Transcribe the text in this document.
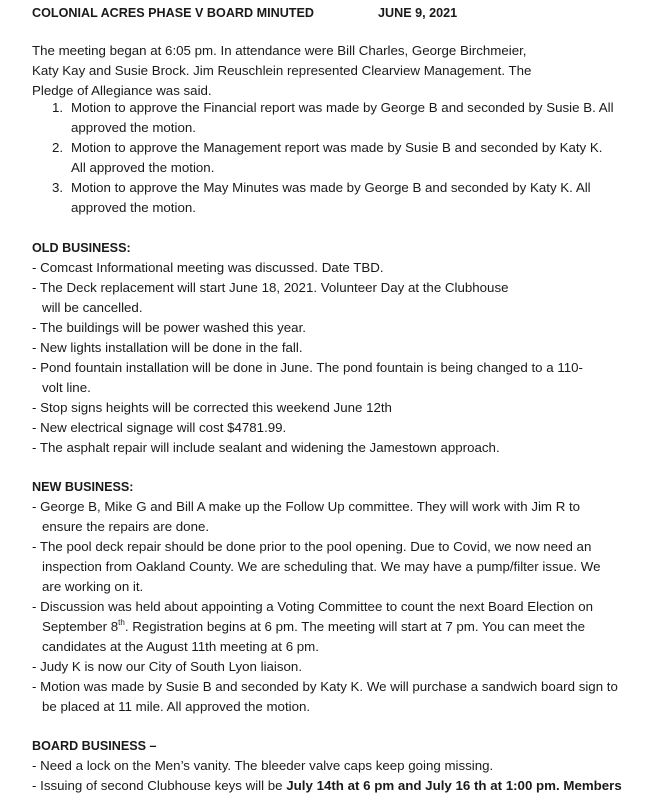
COLONIAL ACRES PHASE V BOARD MINUTED	JUNE 9, 2021
The meeting began at 6:05 pm. In attendance were Bill Charles, George Birchmeier,
Katy Kay and Susie Brock. Jim Reuschlein represented Clearview Management. The
Pledge of Allegiance was said.
1. Motion to approve the Financial report was made by George B and seconded by Susie B. All
approved the motion.
2. Motion to approve the Management report was made by Susie B and seconded by Katy K.
All approved the motion.
3. Motion to approve the May Minutes was made by George B and seconded by Katy K. All
approved the motion.
OLD BUSINESS:
- Comcast Informational meeting was discussed. Date TBD.
- The Deck replacement will start June 18, 2021. Volunteer Day at the Clubhouse
will be cancelled.
- The buildings will be power washed this year.
- New lights installation will be done in the fall.
- Pond fountain installation will be done in June. The pond fountain is being changed to a 110-
volt line.
- Stop signs heights will be corrected this weekend June 12th
- New electrical signage will cost $4781.99.
- The asphalt repair will include sealant and widening the Jamestown approach.
NEW BUSINESS:
- George B, Mike G and Bill A make up the Follow Up committee. They will work with Jim R to
ensure the repairs are done.
- The pool deck repair should be done prior to the pool opening. Due to Covid, we now need an
inspection from Oakland County. We are scheduling that. We may have a pump/filter issue. We
are working on it.
- Discussion was held about appointing a Voting Committee to count the next Board Election on
September 8th. Registration begins at 6 pm. The meeting will start at 7 pm. You can meet the
candidates at the August 11th meeting at 6 pm.
- Judy K is now our City of South Lyon liaison.
- Motion was made by Susie B and seconded by Katy K. We will purchase a sandwich board sign to
be placed at 11 mile. All approved the motion.
BOARD BUSINESS –
- Need a lock on the Men’s vanity. The bleeder valve caps keep going missing.
- Issuing of second Clubhouse keys will be July 14th at 6 pm and July 16 th at 1:00 pm. Members
